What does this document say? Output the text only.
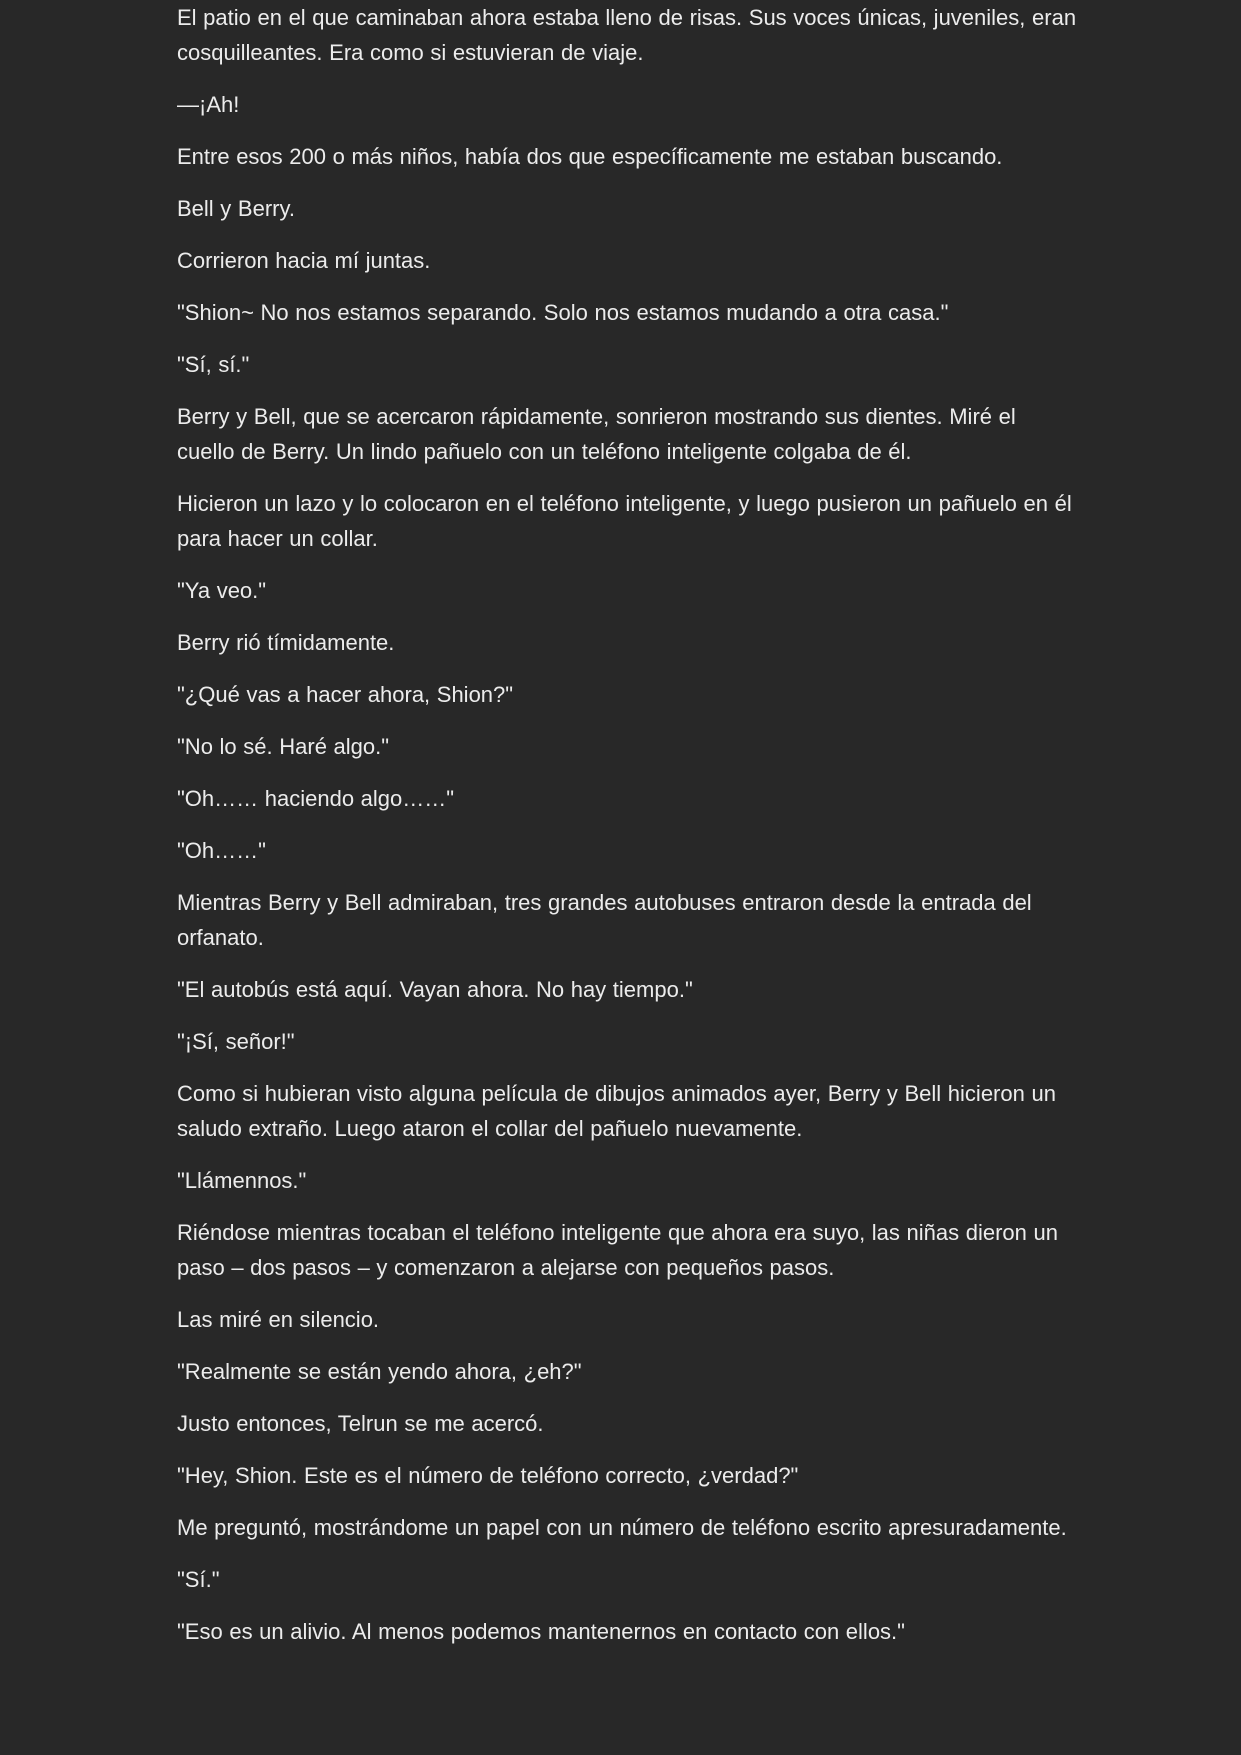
El patio en el que caminaban ahora estaba lleno de risas. Sus voces únicas, juveniles, eran cosquilleantes. Era como si estuvieran de viaje.

—¡Ah!

Entre esos 200 o más niños, había dos que específicamente me estaban buscando.

Bell y Berry.

Corrieron hacia mí juntas.

"Shion~ No nos estamos separando. Solo nos estamos mudando a otra casa."

"Sí, sí."

Berry y Bell, que se acercaron rápidamente, sonrieron mostrando sus dientes. Miré el cuello de Berry. Un lindo pañuelo con un teléfono inteligente colgaba de él.

Hicieron un lazo y lo colocaron en el teléfono inteligente, y luego pusieron un pañuelo en él para hacer un collar.

"Ya veo."

Berry rió tímidamente.

"¿Qué vas a hacer ahora, Shion?"

"No lo sé. Haré algo."

"Oh…… haciendo algo……"

"Oh……"

Mientras Berry y Bell admiraban, tres grandes autobuses entraron desde la entrada del orfanato.

"El autobús está aquí. Vayan ahora. No hay tiempo."

"¡Sí, señor!"

Como si hubieran visto alguna película de dibujos animados ayer, Berry y Bell hicieron un saludo extraño. Luego ataron el collar del pañuelo nuevamente.

"Llámennos."

Riéndose mientras tocaban el teléfono inteligente que ahora era suyo, las niñas dieron un paso – dos pasos – y comenzaron a alejarse con pequeños pasos.

Las miré en silencio.

"Realmente se están yendo ahora, ¿eh?"

Justo entonces, Telrun se me acercó.

"Hey, Shion. Este es el número de teléfono correcto, ¿verdad?"

Me preguntó, mostrándome un papel con un número de teléfono escrito apresuradamente.

"Sí."

"Eso es un alivio. Al menos podemos mantenernos en contacto con ellos."
